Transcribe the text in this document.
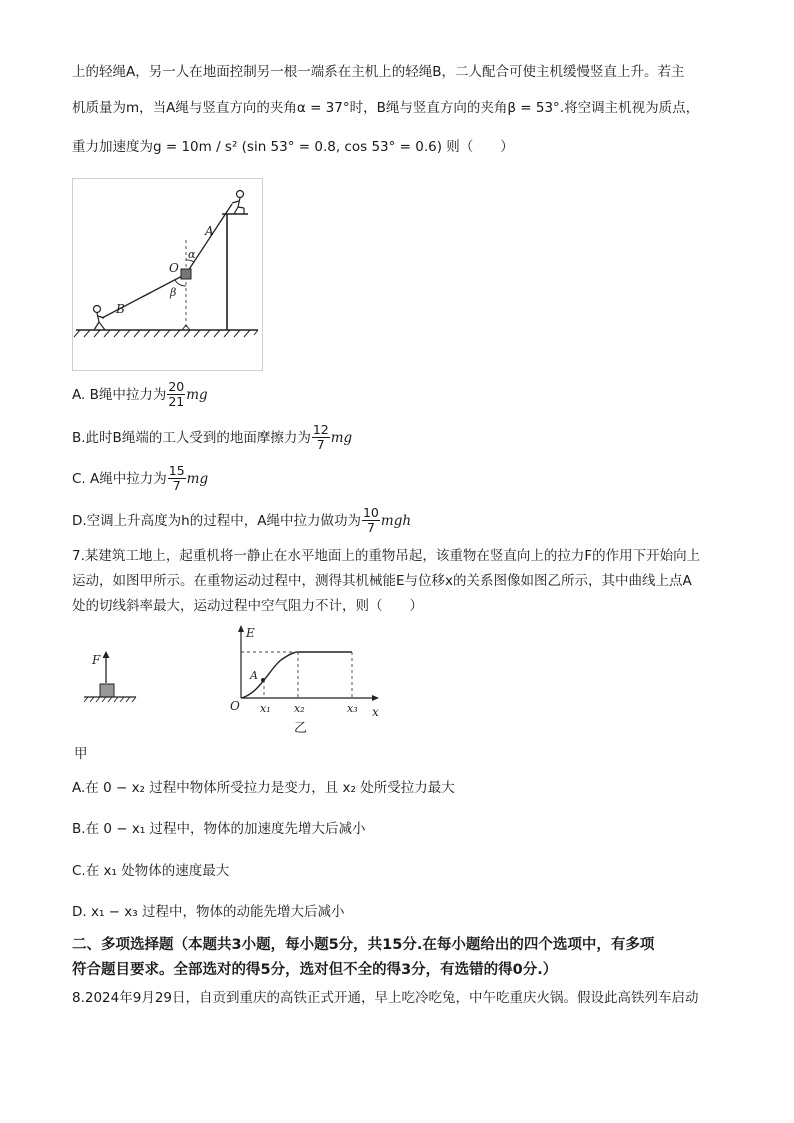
上的轻绳A，另一人在地面控制另一根一端系在主机上的轻绳B，二人配合可使主机缓慢竖直上升。若主
机质量为m，当A绳与竖直方向的夹角α = 37°时，B绳与竖直方向的夹角β = 53°.将空调主机视为质点，
重力加速度为g = 10m / s² (sin 53° = 0.8, cos 53° = 0.6) 则（　　）
A
B
O
α
β
A. B绳中拉力为 $\frac{20}{21}$ mg
B.此时B绳端的工人受到的地面摩擦力为 $\frac{12}{7}$ mg
C. A绳中拉力为 $\frac{15}{7}$ mg
D.空调上升高度为h的过程中，A绳中拉力做功为 $\frac{10}{7}$ mgh
7.某建筑工地上，起重机将一静止在水平地面上的重物吊起，该重物在竖直向上的拉力F的作用下开始向上
运动，如图甲所示。在重物运动过程中，测得其机械能E与位移x的关系图像如图乙所示，其中曲线上点A
处的切线斜率最大，运动过程中空气阻力不计，则（　　）
F
甲
E
A
O x₁ x₂	x₃ x
乙
A.在 0 − x₂ 过程中物体所受拉力是变力，且 x₂ 处所受拉力最大
B.在 0 − x₁ 过程中，物体的加速度先增大后减小
C.在 x₁ 处物体的速度最大
D. x₁ − x₃ 过程中，物体的动能先增大后减小
二、多项选择题（本题共3小题，每小题5分，共15分.在每小题给出的四个选项中，有多项
符合题目要求。全部选对的得5分，选对但不全的得3分，有选错的得0分.）
8.2024年9月29日，自贡到重庆的高铁正式开通，早上吃冷吃兔，中午吃重庆火锅。假设此高铁列车启动
